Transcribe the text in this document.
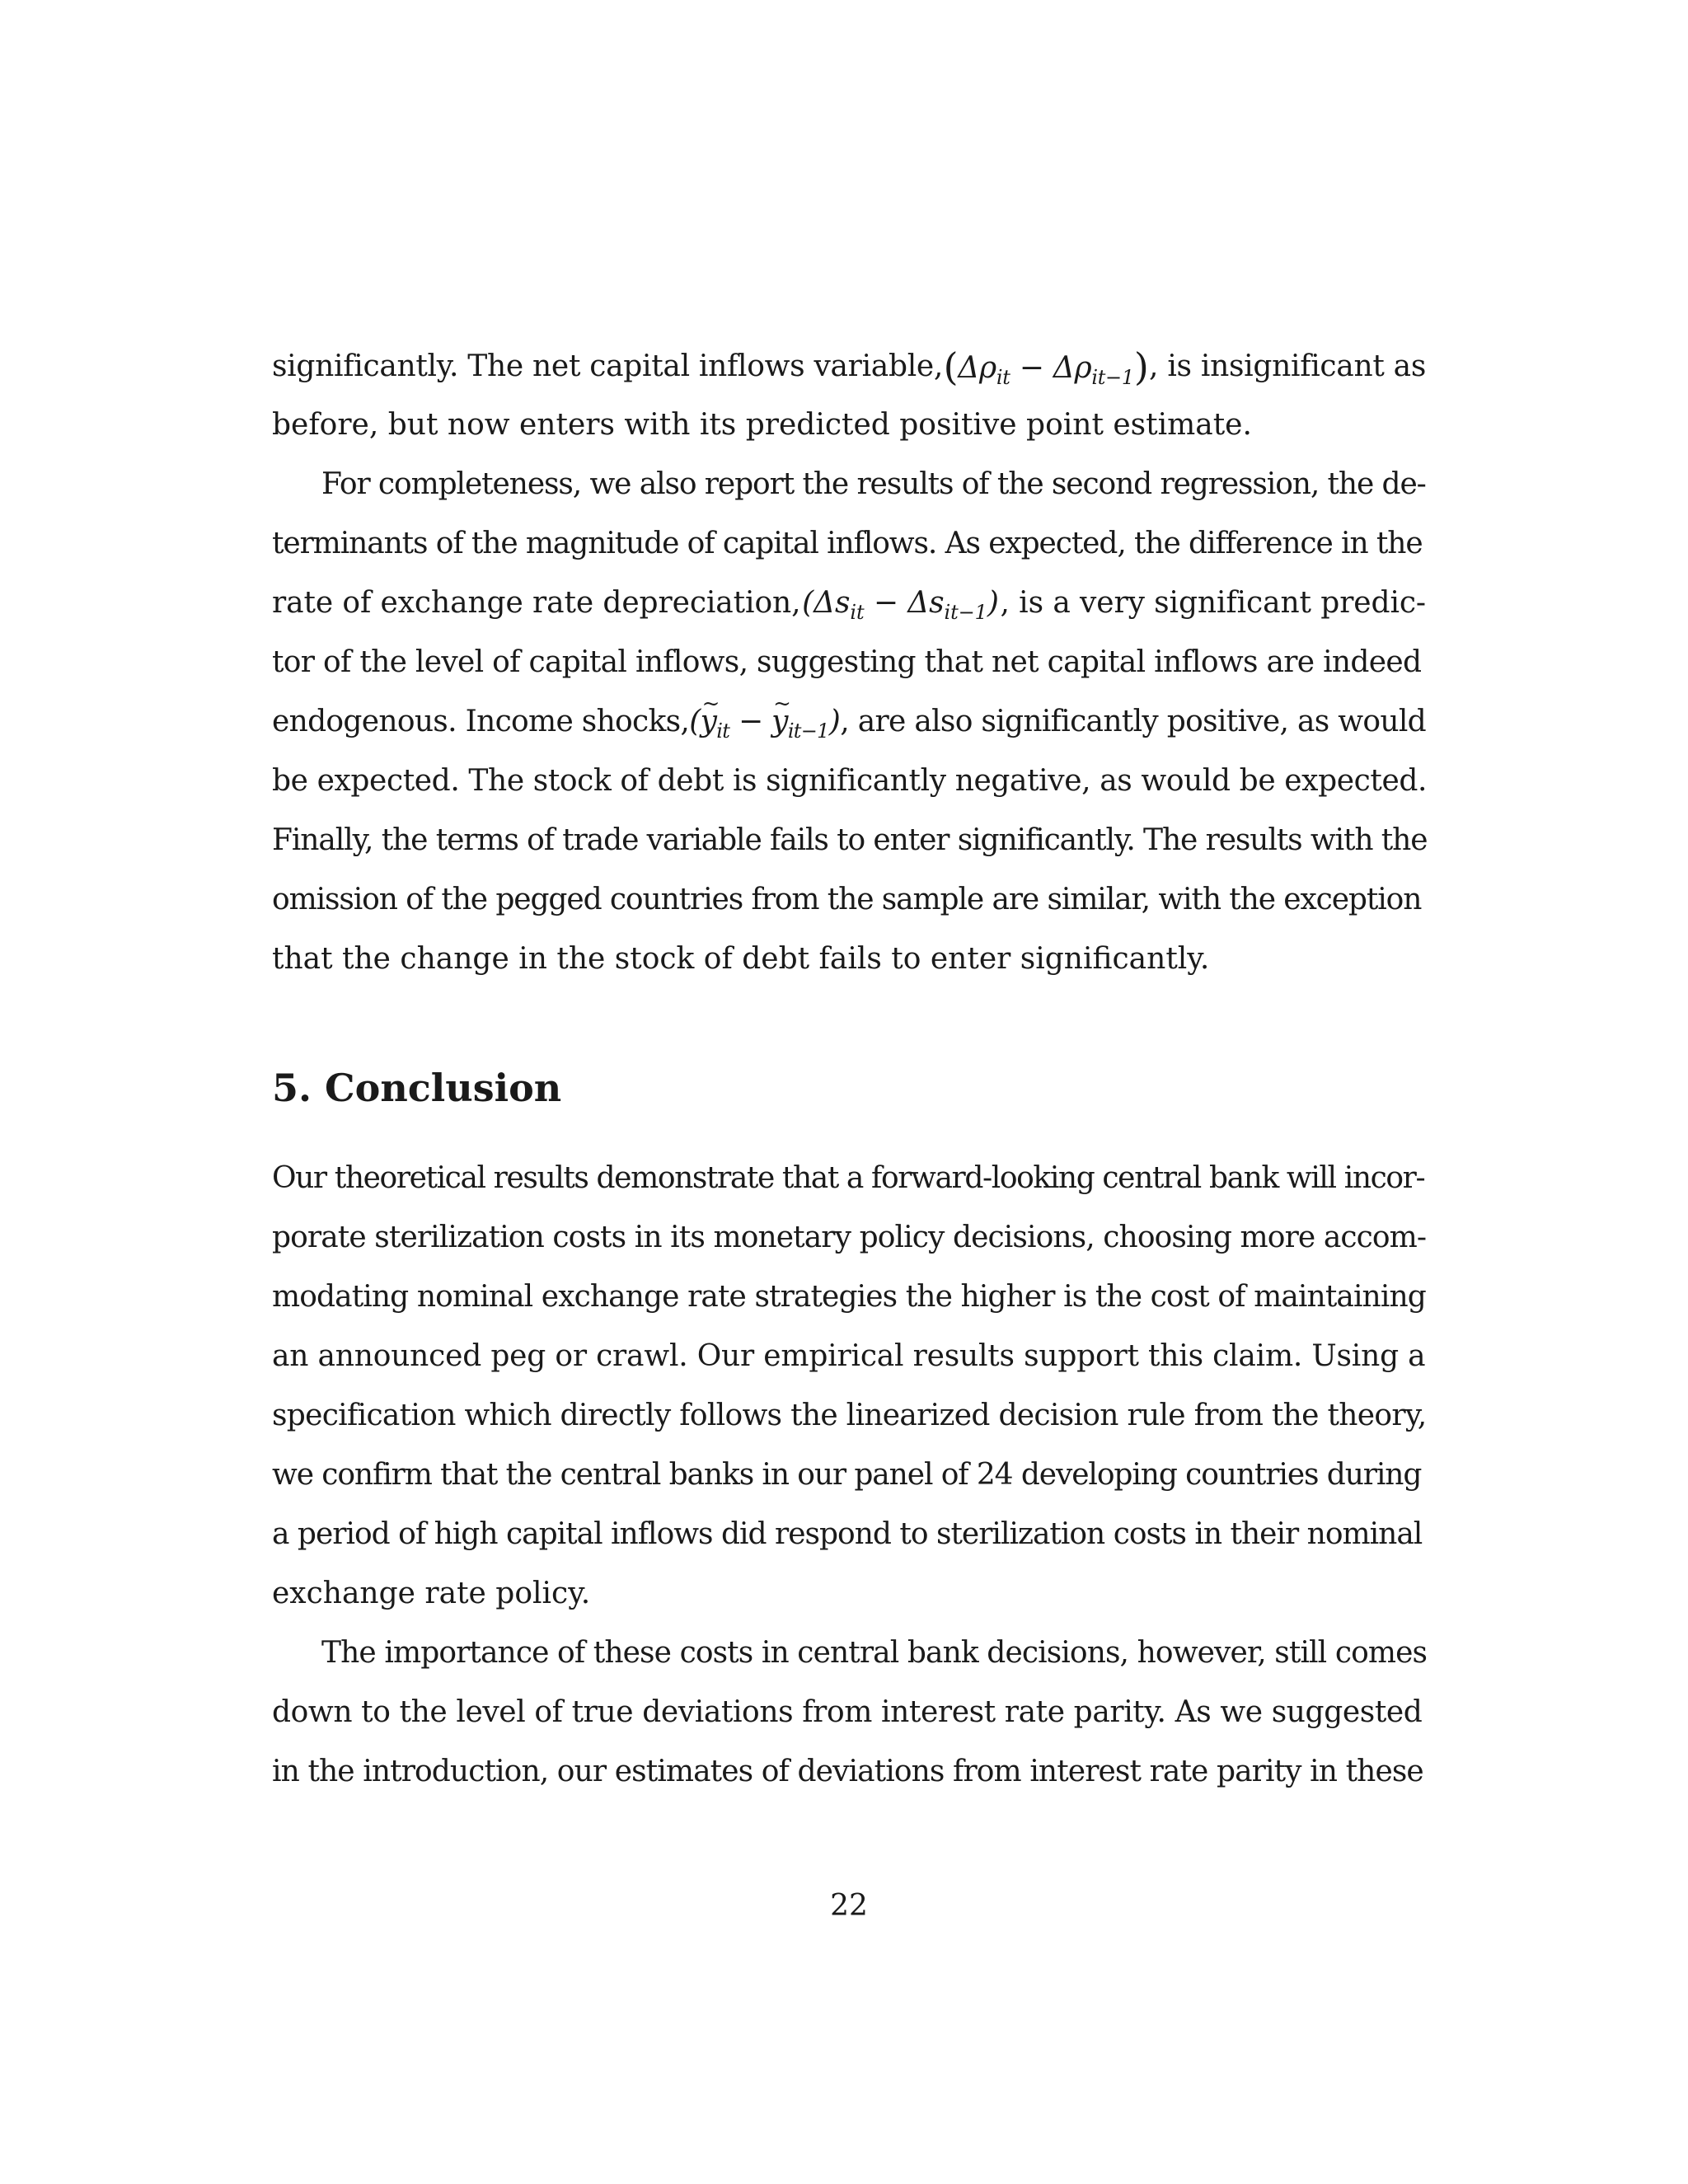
significantly. The net capital inflows variable, $(\Delta\rho_{it} - \Delta\rho_{it-1})$ , is insignificant as
before, but now enters with its predicted positive point estimate.
For completeness, we also report the results of the second regression, the de-
terminants of the magnitude of capital inflows. As expected, the difference in the
rate of exchange rate depreciation, $(\Delta s_{it} - \Delta s_{it-1})$ , is a very significant predic-
tor of the level of capital inflows, suggesting that net capital inflows are indeed
endogenous. Income shocks, (~ $y_{it}$ − ~ $y_{it-1}$) , are also significantly positive, as would
be expected. The stock of debt is significantly negative, as would be expected.
Finally, the terms of trade variable fails to enter significantly. The results with the
omission of the pegged countries from the sample are similar, with the exception
that the change in the stock of debt fails to enter significantly.
5. Conclusion
Our theoretical results demonstrate that a forward-looking central bank will incor-
porate sterilization costs in its monetary policy decisions, choosing more accom-
modating nominal exchange rate strategies the higher is the cost of maintaining
an announced peg or crawl. Our empirical results support this claim. Using a
specification which directly follows the linearized decision rule from the theory,
we confirm that the central banks in our panel of 24 developing countries during
a period of high capital inflows did respond to sterilization costs in their nominal
exchange rate policy.
The importance of these costs in central bank decisions, however, still comes
down to the level of true deviations from interest rate parity. As we suggested
in the introduction, our estimates of deviations from interest rate parity in these
22
